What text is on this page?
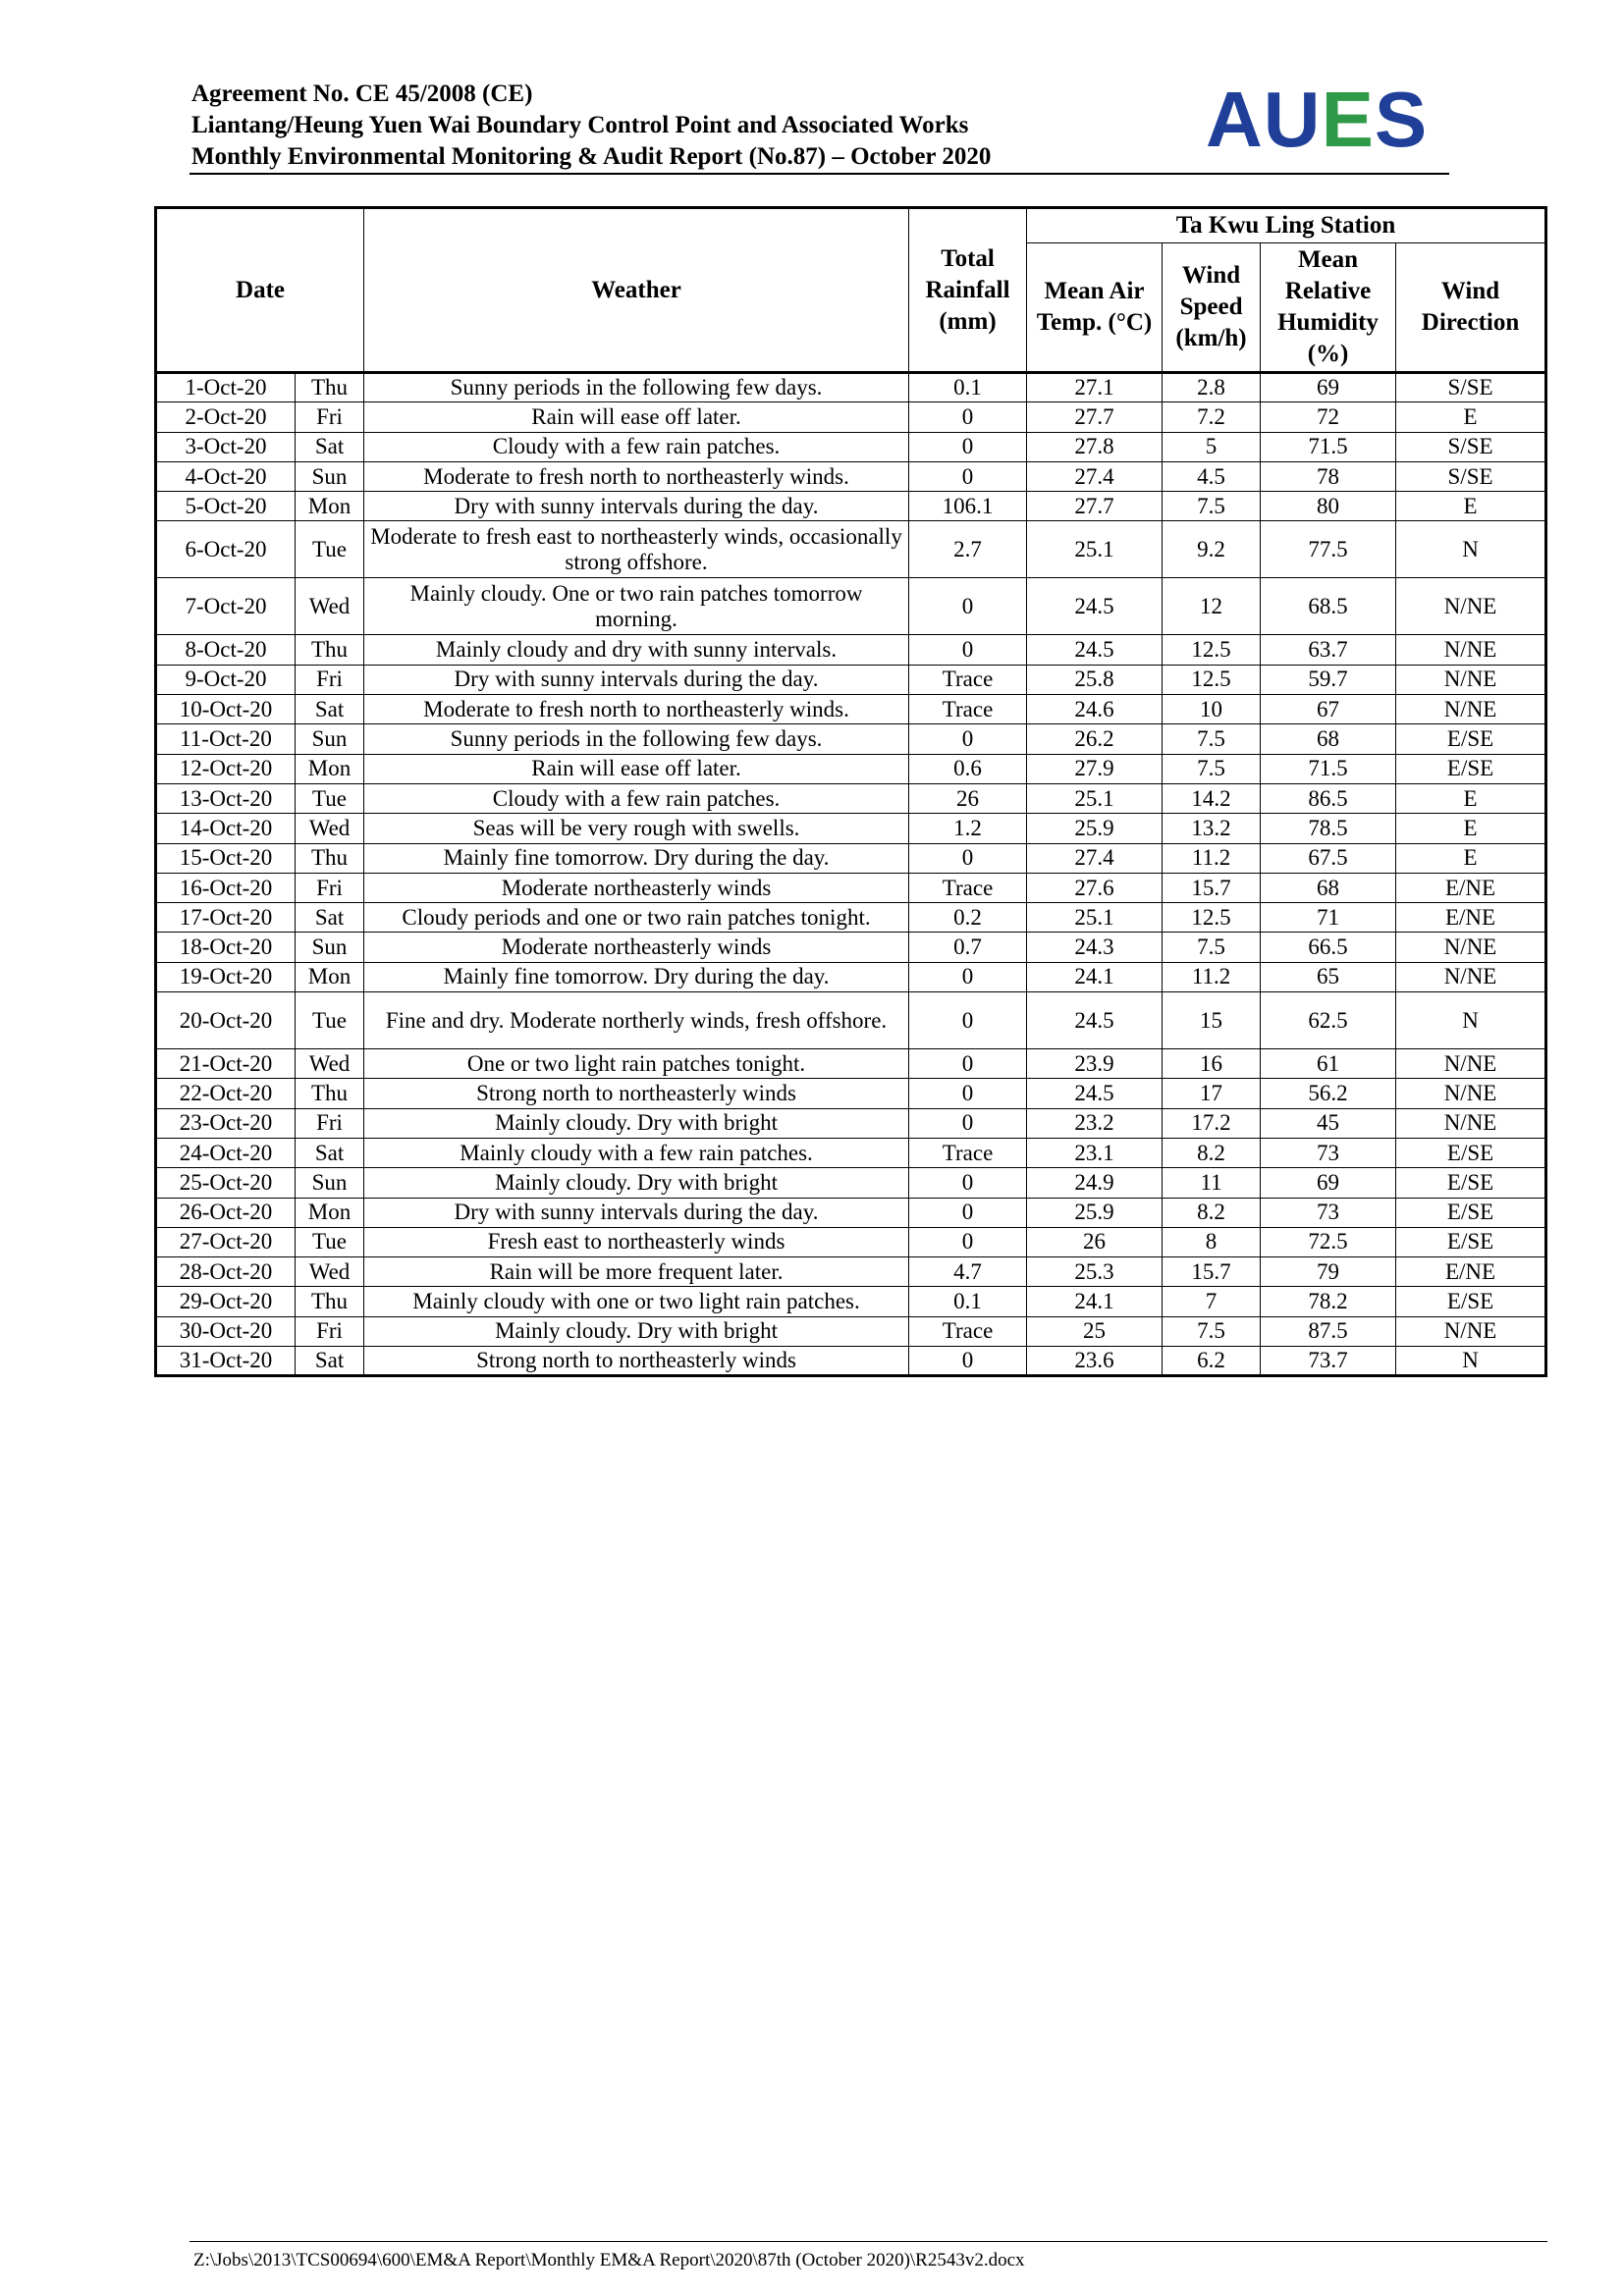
Agreement No. CE 45/2008 (CE)
Liantang/Heung Yuen Wai Boundary Control Point and Associated Works
Monthly Environmental Monitoring & Audit Report (No.87) – October 2020	AUES
Date		Weather	Total Rainfall (mm)	Ta Kwu Ling Station			
				Mean Air Temp. (°C)	Wind Speed (km/h)	Mean Relative Humidity (%)	Wind Direction
1-Oct-20	Thu	Sunny periods in the following few days.	0.1	27.1	2.8	69	S/SE
2-Oct-20	Fri	Rain will ease off later.	0	27.7	7.2	72	E
3-Oct-20	Sat	Cloudy with a few rain patches.	0	27.8	5	71.5	S/SE
4-Oct-20	Sun	Moderate to fresh north to northeasterly winds.	0	27.4	4.5	78	S/SE
5-Oct-20	Mon	Dry with sunny intervals during the day.	106.1	27.7	7.5	80	E
6-Oct-20	Tue	Moderate to fresh east to northeasterly winds, occasionally strong offshore.	2.7	25.1	9.2	77.5	N
7-Oct-20	Wed	Mainly cloudy. One or two rain patches tomorrow morning.	0	24.5	12	68.5	N/NE
8-Oct-20	Thu	Mainly cloudy and dry with sunny intervals.	0	24.5	12.5	63.7	N/NE
9-Oct-20	Fri	Dry with sunny intervals during the day.	Trace	25.8	12.5	59.7	N/NE
10-Oct-20	Sat	Moderate to fresh north to northeasterly winds.	Trace	24.6	10	67	N/NE
11-Oct-20	Sun	Sunny periods in the following few days.	0	26.2	7.5	68	E/SE
12-Oct-20	Mon	Rain will ease off later.	0.6	27.9	7.5	71.5	E/SE
13-Oct-20	Tue	Cloudy with a few rain patches.	26	25.1	14.2	86.5	E
14-Oct-20	Wed	Seas will be very rough with swells.	1.2	25.9	13.2	78.5	E
15-Oct-20	Thu	Mainly fine tomorrow. Dry during the day.	0	27.4	11.2	67.5	E
16-Oct-20	Fri	Moderate northeasterly winds	Trace	27.6	15.7	68	E/NE
17-Oct-20	Sat	Cloudy periods and one or two rain patches tonight.	0.2	25.1	12.5	71	E/NE
18-Oct-20	Sun	Moderate northeasterly winds	0.7	24.3	7.5	66.5	N/NE
19-Oct-20	Mon	Mainly fine tomorrow. Dry during the day.	0	24.1	11.2	65	N/NE
20-Oct-20	Tue	Fine and dry. Moderate northerly winds, fresh offshore.	0	24.5	15	62.5	N
21-Oct-20	Wed	One or two light rain patches tonight.	0	23.9	16	61	N/NE
22-Oct-20	Thu	Strong north to northeasterly winds	0	24.5	17	56.2	N/NE
23-Oct-20	Fri	Mainly cloudy. Dry with bright	0	23.2	17.2	45	N/NE
24-Oct-20	Sat	Mainly cloudy with a few rain patches.	Trace	23.1	8.2	73	E/SE
25-Oct-20	Sun	Mainly cloudy. Dry with bright	0	24.9	11	69	E/SE
26-Oct-20	Mon	Dry with sunny intervals during the day.	0	25.9	8.2	73	E/SE
27-Oct-20	Tue	Fresh east to northeasterly winds	0	26	8	72.5	E/SE
28-Oct-20	Wed	Rain will be more frequent later.	4.7	25.3	15.7	79	E/NE
29-Oct-20	Thu	Mainly cloudy with one or two light rain patches.	0.1	24.1	7	78.2	E/SE
30-Oct-20	Fri	Mainly cloudy. Dry with bright	Trace	25	7.5	87.5	N/NE
31-Oct-20	Sat	Strong north to northeasterly winds	0	23.6	6.2	73.7	N
Z:\Jobs\2013\TCS00694\600\EM&A Report\Monthly EM&A Report\2020\87th (October 2020)\R2543v2.docx
